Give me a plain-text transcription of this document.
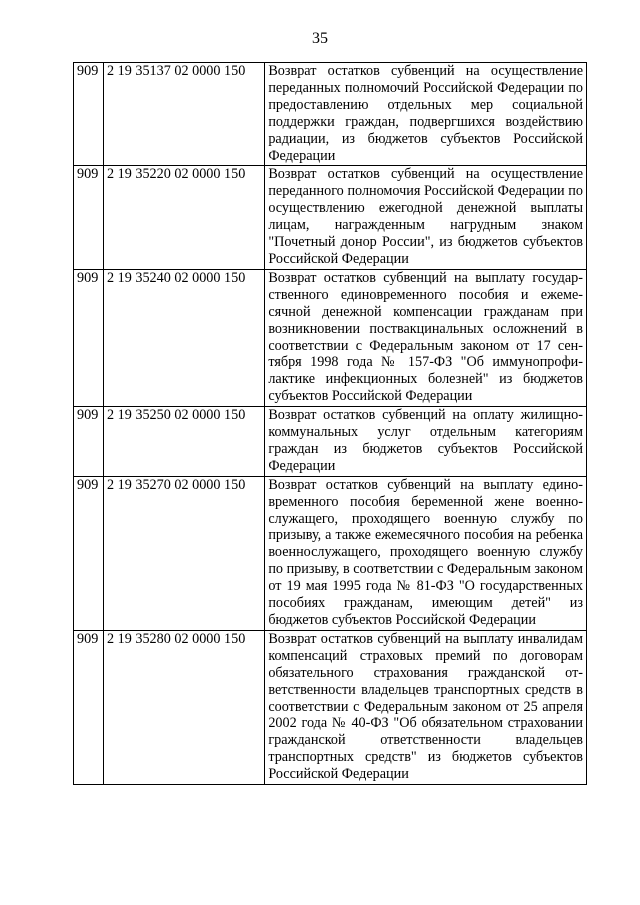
35
909	2 19 35137 02 0000 150	Возврат остатков субвенций на осуществление переданных полномочий Российской Федерации по предоставлению отдельных мер социальной поддержки граждан, подвергшихся воздействию радиации, из бюджетов субъектов Российской Федерации
909	2 19 35220 02 0000 150	Возврат остатков субвенций на осуществление переданного полномочия Российской Федерации по осуществлению ежегодной денежной выплаты лицам, награжденным нагрудным знаком "Почетный донор России", из бюджетов субъектов Российской Федерации
909	2 19 35240 02 0000 150	Возврат остатков субвенций на выплату государственного единовременного пособия и ежемесячной денежной компенсации гражданам при возникновении поствакцинальных осложнений в соответствии с Федеральным законом от 17 сентября 1998 года № 157-ФЗ "Об иммунопрофилактике инфекционных болезней" из бюджетов субъектов Российской Федерации
909	2 19 35250 02 0000 150	Возврат остатков субвенций на оплату жилищно-коммунальных услуг отдельным категориям граждан из бюджетов субъектов Российской Федерации
909	2 19 35270 02 0000 150	Возврат остатков субвенций на выплату единовременного пособия беременной жене военнослужащего, проходящего военную службу по призыву, а также ежемесячного пособия на ребенка военнослужащего, проходящего военную службу по призыву, в соответствии с Федеральным законом от 19 мая 1995 года № 81-ФЗ "О государственных пособиях гражданам, имеющим детей" из бюджетов субъектов Российской Федерации
909	2 19 35280 02 0000 150	Возврат остатков субвенций на выплату инвалидам компенсаций страховых премий по договорам обязательного страхования гражданской ответственности владельцев транспортных средств в соответствии с Федеральным законом от 25 апреля 2002 года № 40-ФЗ "Об обязательном страховании гражданской ответственности владельцев транспортных средств" из бюджетов субъектов Российской Федерации
